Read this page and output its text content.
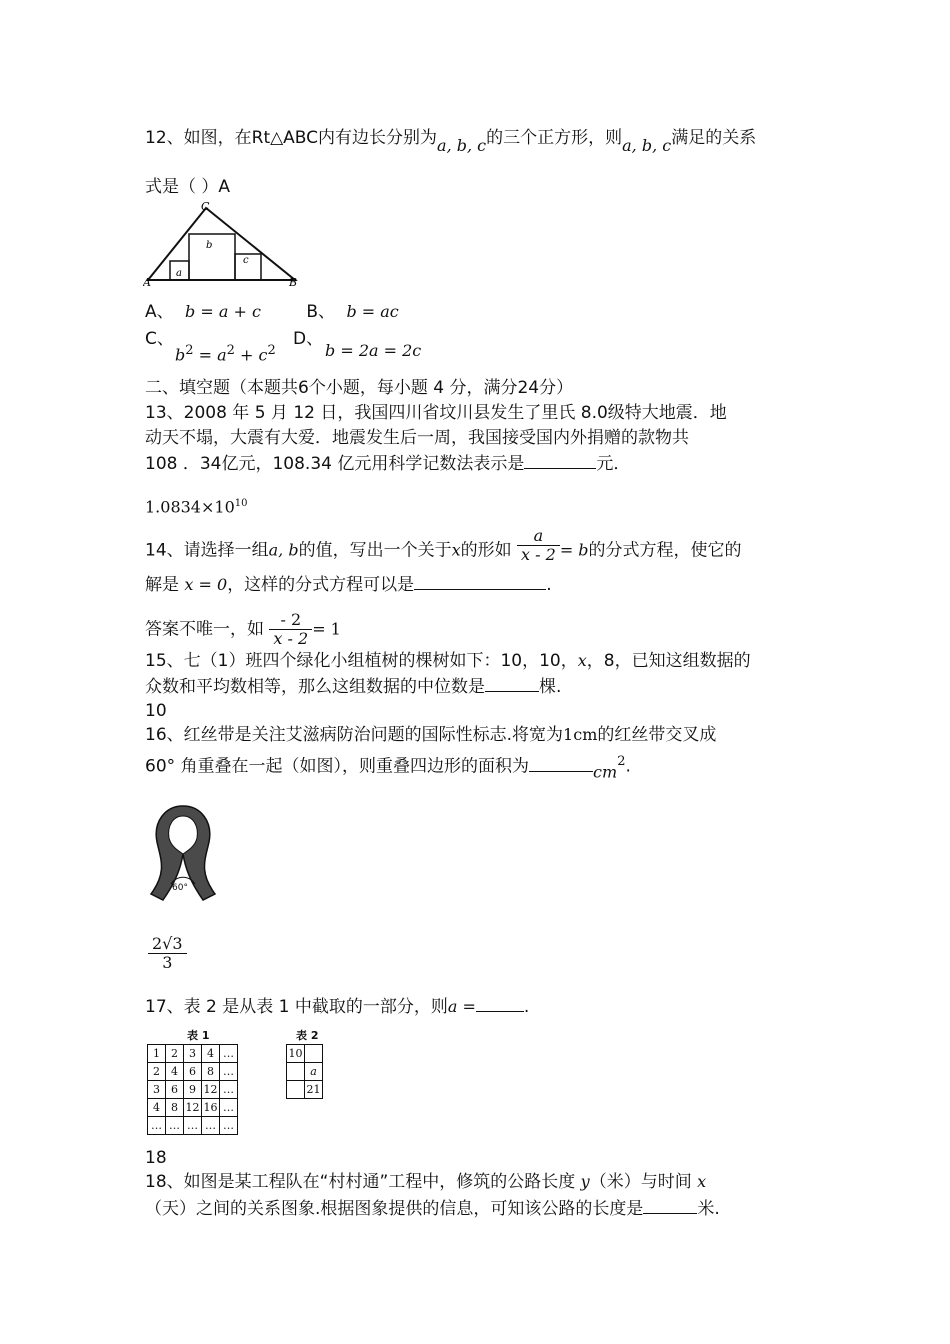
12、如图，在Rt△ABC内有边长分别为a, b, c的三个正方形，则a, b, c满足的关系
式是（ ）A
A	B
C
a
b
c
A、 b = a + c	B、 b = ac
C、
$b^2 = a^2 + c^2$
D、
b = 2a = 2c
二、填空题（本题共6个小题，每小题 4 分，满分24分）
13、2008 年 5 月 12 日，我国四川省坟川县发生了里氏 8.0级特大地震．地
动天不塌，大震有大爱．地震发生后一周，我国接受国内外捐赠的款物共
108 ．34亿元，108.34 亿元用科学记数法表示是	元．
$1.0834\times 10^{10}$
14、请选择一组a, b的值，写出一个关于x的形如 $\frac{a}{x - 2} = b$的分式方程，使它的
解是 x = 0，这样的分式方程可以是	.
答案不唯一，如 $\frac{- 2}{x - 2} = 1$
15、七（1）班四个绿化小组植树的棵树如下：10，10，x，8，已知这组数据的
众数和平均数相等，那么这组数据的中位数是	棵.
10
16、红丝带是关注艾滋病防治问题的国际性标志.将宽为1cm的红丝带交叉成
60° 角重叠在一起（如图），则重叠四边形的面积为	$cm^2$.
60°
$\frac{2√3}{3}$
17、表 2 是从表 1 中截取的一部分，则a =	.
表 1	表 2
1	2	3	4	…
2	4	6	8	…
3	6	9	12	…
4	8	12	16	…
…	…	…	…	…
10	
	a
	21
18
18、如图是某工程队在“村村通”工程中，修筑的公路长度 y（米）与时间 x
（天）之间的关系图象.根据图象提供的信息，可知该公路的长度是	米.
